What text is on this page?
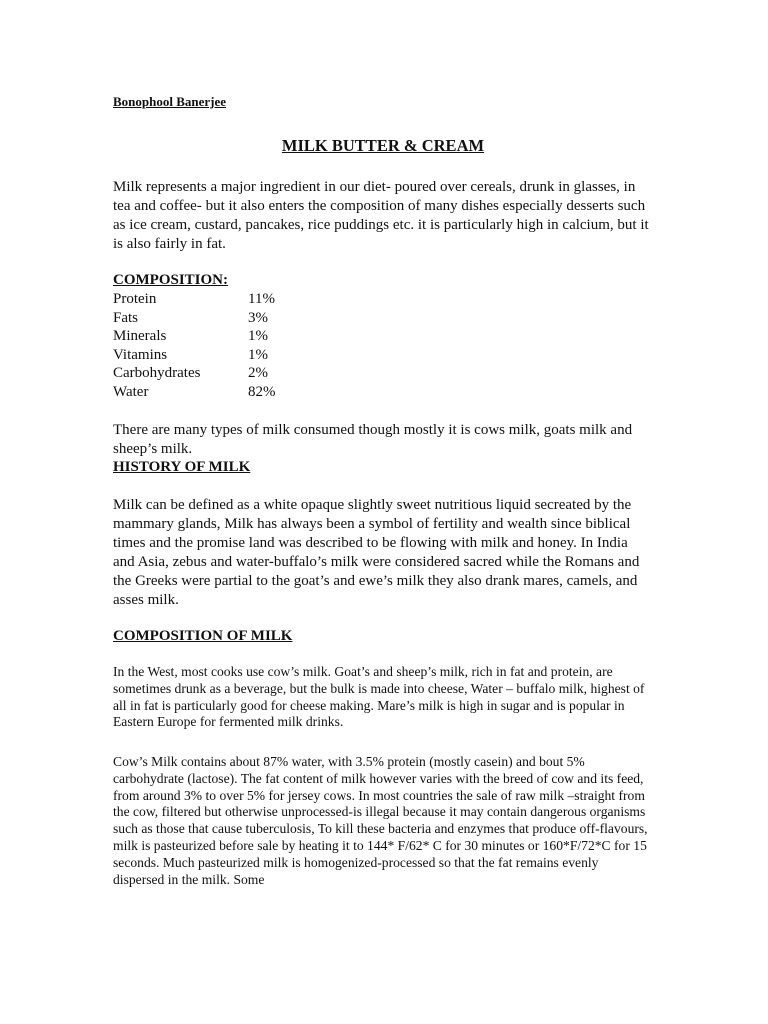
Bonophool Banerjee
MILK BUTTER & CREAM

Milk represents a major ingredient in our diet- poured over cereals, drunk in glasses, in tea and coffee- but it also enters the composition of many dishes especially desserts such as ice cream, custard, pancakes, rice puddings etc. it is particularly high in calcium, but it is also fairly in fat.

COMPOSITION:
Protein	11%
Fats	3%
Minerals	1%
Vitamins	1%
Carbohydrates	2%
Water	82%

There are many types of milk consumed though mostly it is cows milk, goats milk and sheep’s milk.

HISTORY OF MILK

Milk can be defined as a white opaque slightly sweet nutritious liquid secreated by the mammary glands, Milk has always been a symbol of fertility and wealth since biblical times and the promise land was described to be flowing with milk and honey. In India and Asia, zebus and water-buffalo’s milk were considered sacred while the Romans and the Greeks were partial to the goat’s and ewe’s milk they also drank mares, camels, and asses milk.

COMPOSITION OF MILK

In the West, most cooks use cow’s milk. Goat’s and sheep’s milk, rich in fat and protein, are sometimes drunk as a beverage, but the bulk is made into cheese, Water – buffalo milk, highest of all in fat is particularly good for cheese making. Mare’s milk is high in sugar and is popular in Eastern Europe for fermented milk drinks.

Cow’s Milk contains about 87% water, with 3.5% protein (mostly casein) and bout 5% carbohydrate (lactose). The fat content of milk however varies with the breed of cow and its feed, from around 3% to over 5% for jersey cows. In most countries the sale of raw milk –straight from the cow, filtered but otherwise unprocessed-is illegal because it may contain dangerous organisms such as those that cause tuberculosis, To kill these bacteria and enzymes that produce off-flavours, milk is pasteurized before sale by heating it to 144* F/62* C for 30 minutes or 160*F/72*C for 15 seconds. Much pasteurized milk is homogenized-processed so that the fat remains evenly dispersed in the milk. Some
